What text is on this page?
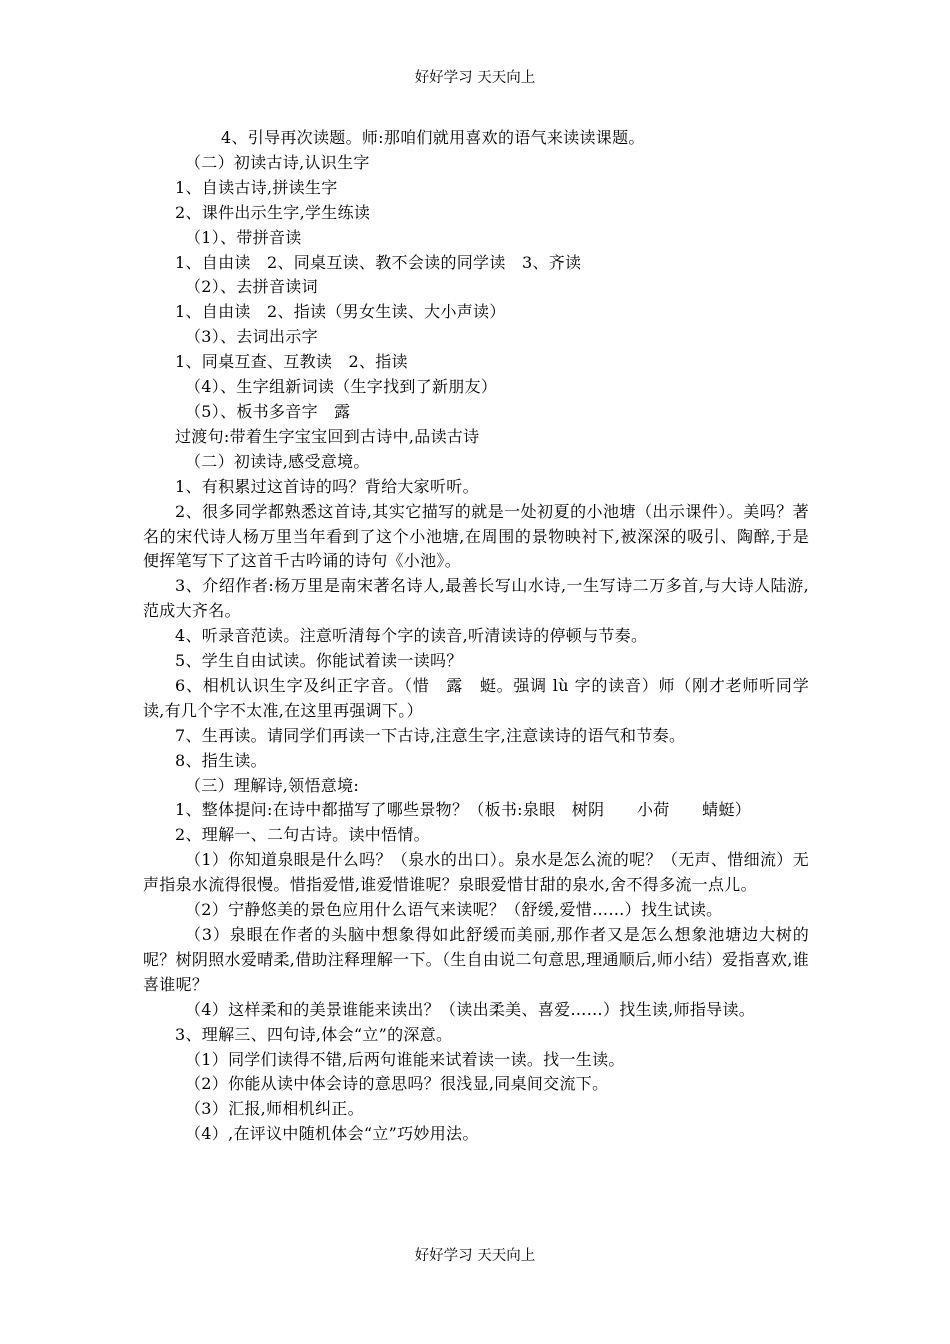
好好学习 天天向上
4、引导再次读题。师:那咱们就用喜欢的语气来读读课题。
（二）初读古诗,认识生字
1、自读古诗,拼读生字
2、课件出示生字,学生练读
（1）、带拼音读
1、自由读　2、同桌互读、教不会读的同学读　3、齐读
（2）、去拼音读词
1、自由读　2、指读（男女生读、大小声读）
（3）、去词出示字
1、同桌互查、互教读　2、指读
（4）、生字组新词读（生字找到了新朋友）
（5）、板书多音字　露
过渡句:带着生字宝宝回到古诗中,品读古诗
（二）初读诗,感受意境。
1、有积累过这首诗的吗？背给大家听听。
2、很多同学都熟悉这首诗,其实它描写的就是一处初夏的小池塘（出示课件）。美吗？著名的宋代诗人杨万里当年看到了这个小池塘,在周围的景物映衬下,被深深的吸引、陶醉,于是便挥笔写下了这首千古吟诵的诗句《小池》。
3、介绍作者:杨万里是南宋著名诗人,最善长写山水诗,一生写诗二万多首,与大诗人陆游,范成大齐名。
4、听录音范读。注意听清每个字的读音,听清读诗的停顿与节奏。
5、学生自由试读。你能试着读一读吗？
6、相机认识生字及纠正字音。（惜　露　蜓。强调 lù 字的读音）师（刚才老师听同学读,有几个字不太准,在这里再强调下。）
7、生再读。请同学们再读一下古诗,注意生字,注意读诗的语气和节奏。
8、指生读。
（三）理解诗,领悟意境:
1、整体提问:在诗中都描写了哪些景物？（板书:泉眼　树阴　　小荷　　蜻蜓）
2、理解一、二句古诗。读中悟情。
（1）你知道泉眼是什么吗？（泉水的出口）。泉水是怎么流的呢？（无声、惜细流）无声指泉水流得很慢。惜指爱惜,谁爱惜谁呢？泉眼爱惜甘甜的泉水,舍不得多流一点儿。
（2）宁静悠美的景色应用什么语气来读呢？（舒缓,爱惜……）找生试读。
（3）泉眼在作者的头脑中想象得如此舒缓而美丽,那作者又是怎么想象池塘边大树的呢？树阴照水爱晴柔,借助注释理解一下。（生自由说二句意思,理通顺后,师小结）爱指喜欢,谁喜谁呢？
（4）这样柔和的美景谁能来读出？（读出柔美、喜爱……）找生读,师指导读。
3、理解三、四句诗,体会“立”的深意。
（1）同学们读得不错,后两句谁能来试着读一读。找一生读。
（2）你能从读中体会诗的意思吗？很浅显,同桌间交流下。
（3）汇报,师相机纠正。
（4）,在评议中随机体会“立”巧妙用法。
好好学习 天天向上
